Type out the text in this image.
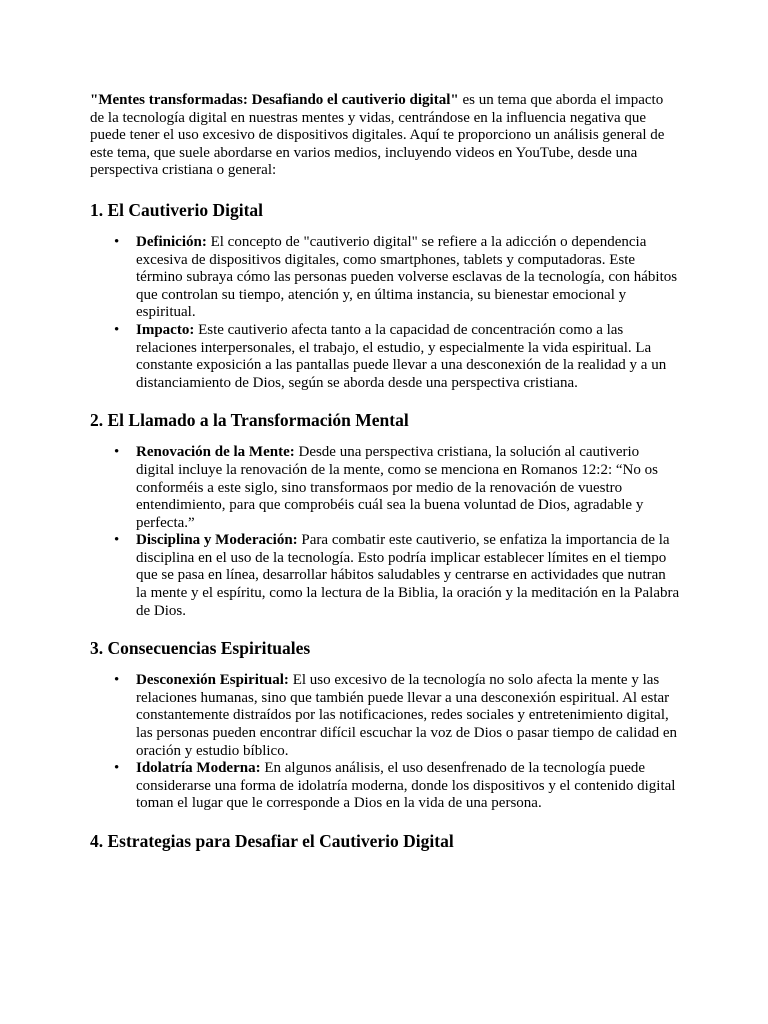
"Mentes transformadas: Desafiando el cautiverio digital" es un tema que aborda el impacto de la tecnología digital en nuestras mentes y vidas, centrándose en la influencia negativa que puede tener el uso excesivo de dispositivos digitales. Aquí te proporciono un análisis general de este tema, que suele abordarse en varios medios, incluyendo videos en YouTube, desde una perspectiva cristiana o general:

1. El Cautiverio Digital
• Definición: El concepto de "cautiverio digital" se refiere a la adicción o dependencia excesiva de dispositivos digitales, como smartphones, tablets y computadoras. Este término subraya cómo las personas pueden volverse esclavas de la tecnología, con hábitos que controlan su tiempo, atención y, en última instancia, su bienestar emocional y espiritual.
• Impacto: Este cautiverio afecta tanto a la capacidad de concentración como a las relaciones interpersonales, el trabajo, el estudio, y especialmente la vida espiritual. La constante exposición a las pantallas puede llevar a una desconexión de la realidad y a un distanciamiento de Dios, según se aborda desde una perspectiva cristiana.
2. El Llamado a la Transformación Mental
• Renovación de la Mente: Desde una perspectiva cristiana, la solución al cautiverio digital incluye la renovación de la mente, como se menciona en Romanos 12:2: “No os conforméis a este siglo, sino transformaos por medio de la renovación de vuestro entendimiento, para que comprobéis cuál sea la buena voluntad de Dios, agradable y perfecta.”
• Disciplina y Moderación: Para combatir este cautiverio, se enfatiza la importancia de la disciplina en el uso de la tecnología. Esto podría implicar establecer límites en el tiempo que se pasa en línea, desarrollar hábitos saludables y centrarse en actividades que nutran la mente y el espíritu, como la lectura de la Biblia, la oración y la meditación en la Palabra de Dios.
3. Consecuencias Espirituales
• Desconexión Espiritual: El uso excesivo de la tecnología no solo afecta la mente y las relaciones humanas, sino que también puede llevar a una desconexión espiritual. Al estar constantemente distraídos por las notificaciones, redes sociales y entretenimiento digital, las personas pueden encontrar difícil escuchar la voz de Dios o pasar tiempo de calidad en oración y estudio bíblico.
• Idolatría Moderna: En algunos análisis, el uso desenfrenado de la tecnología puede considerarse una forma de idolatría moderna, donde los dispositivos y el contenido digital toman el lugar que le corresponde a Dios en la vida de una persona.
4. Estrategias para Desafiar el Cautiverio Digital
